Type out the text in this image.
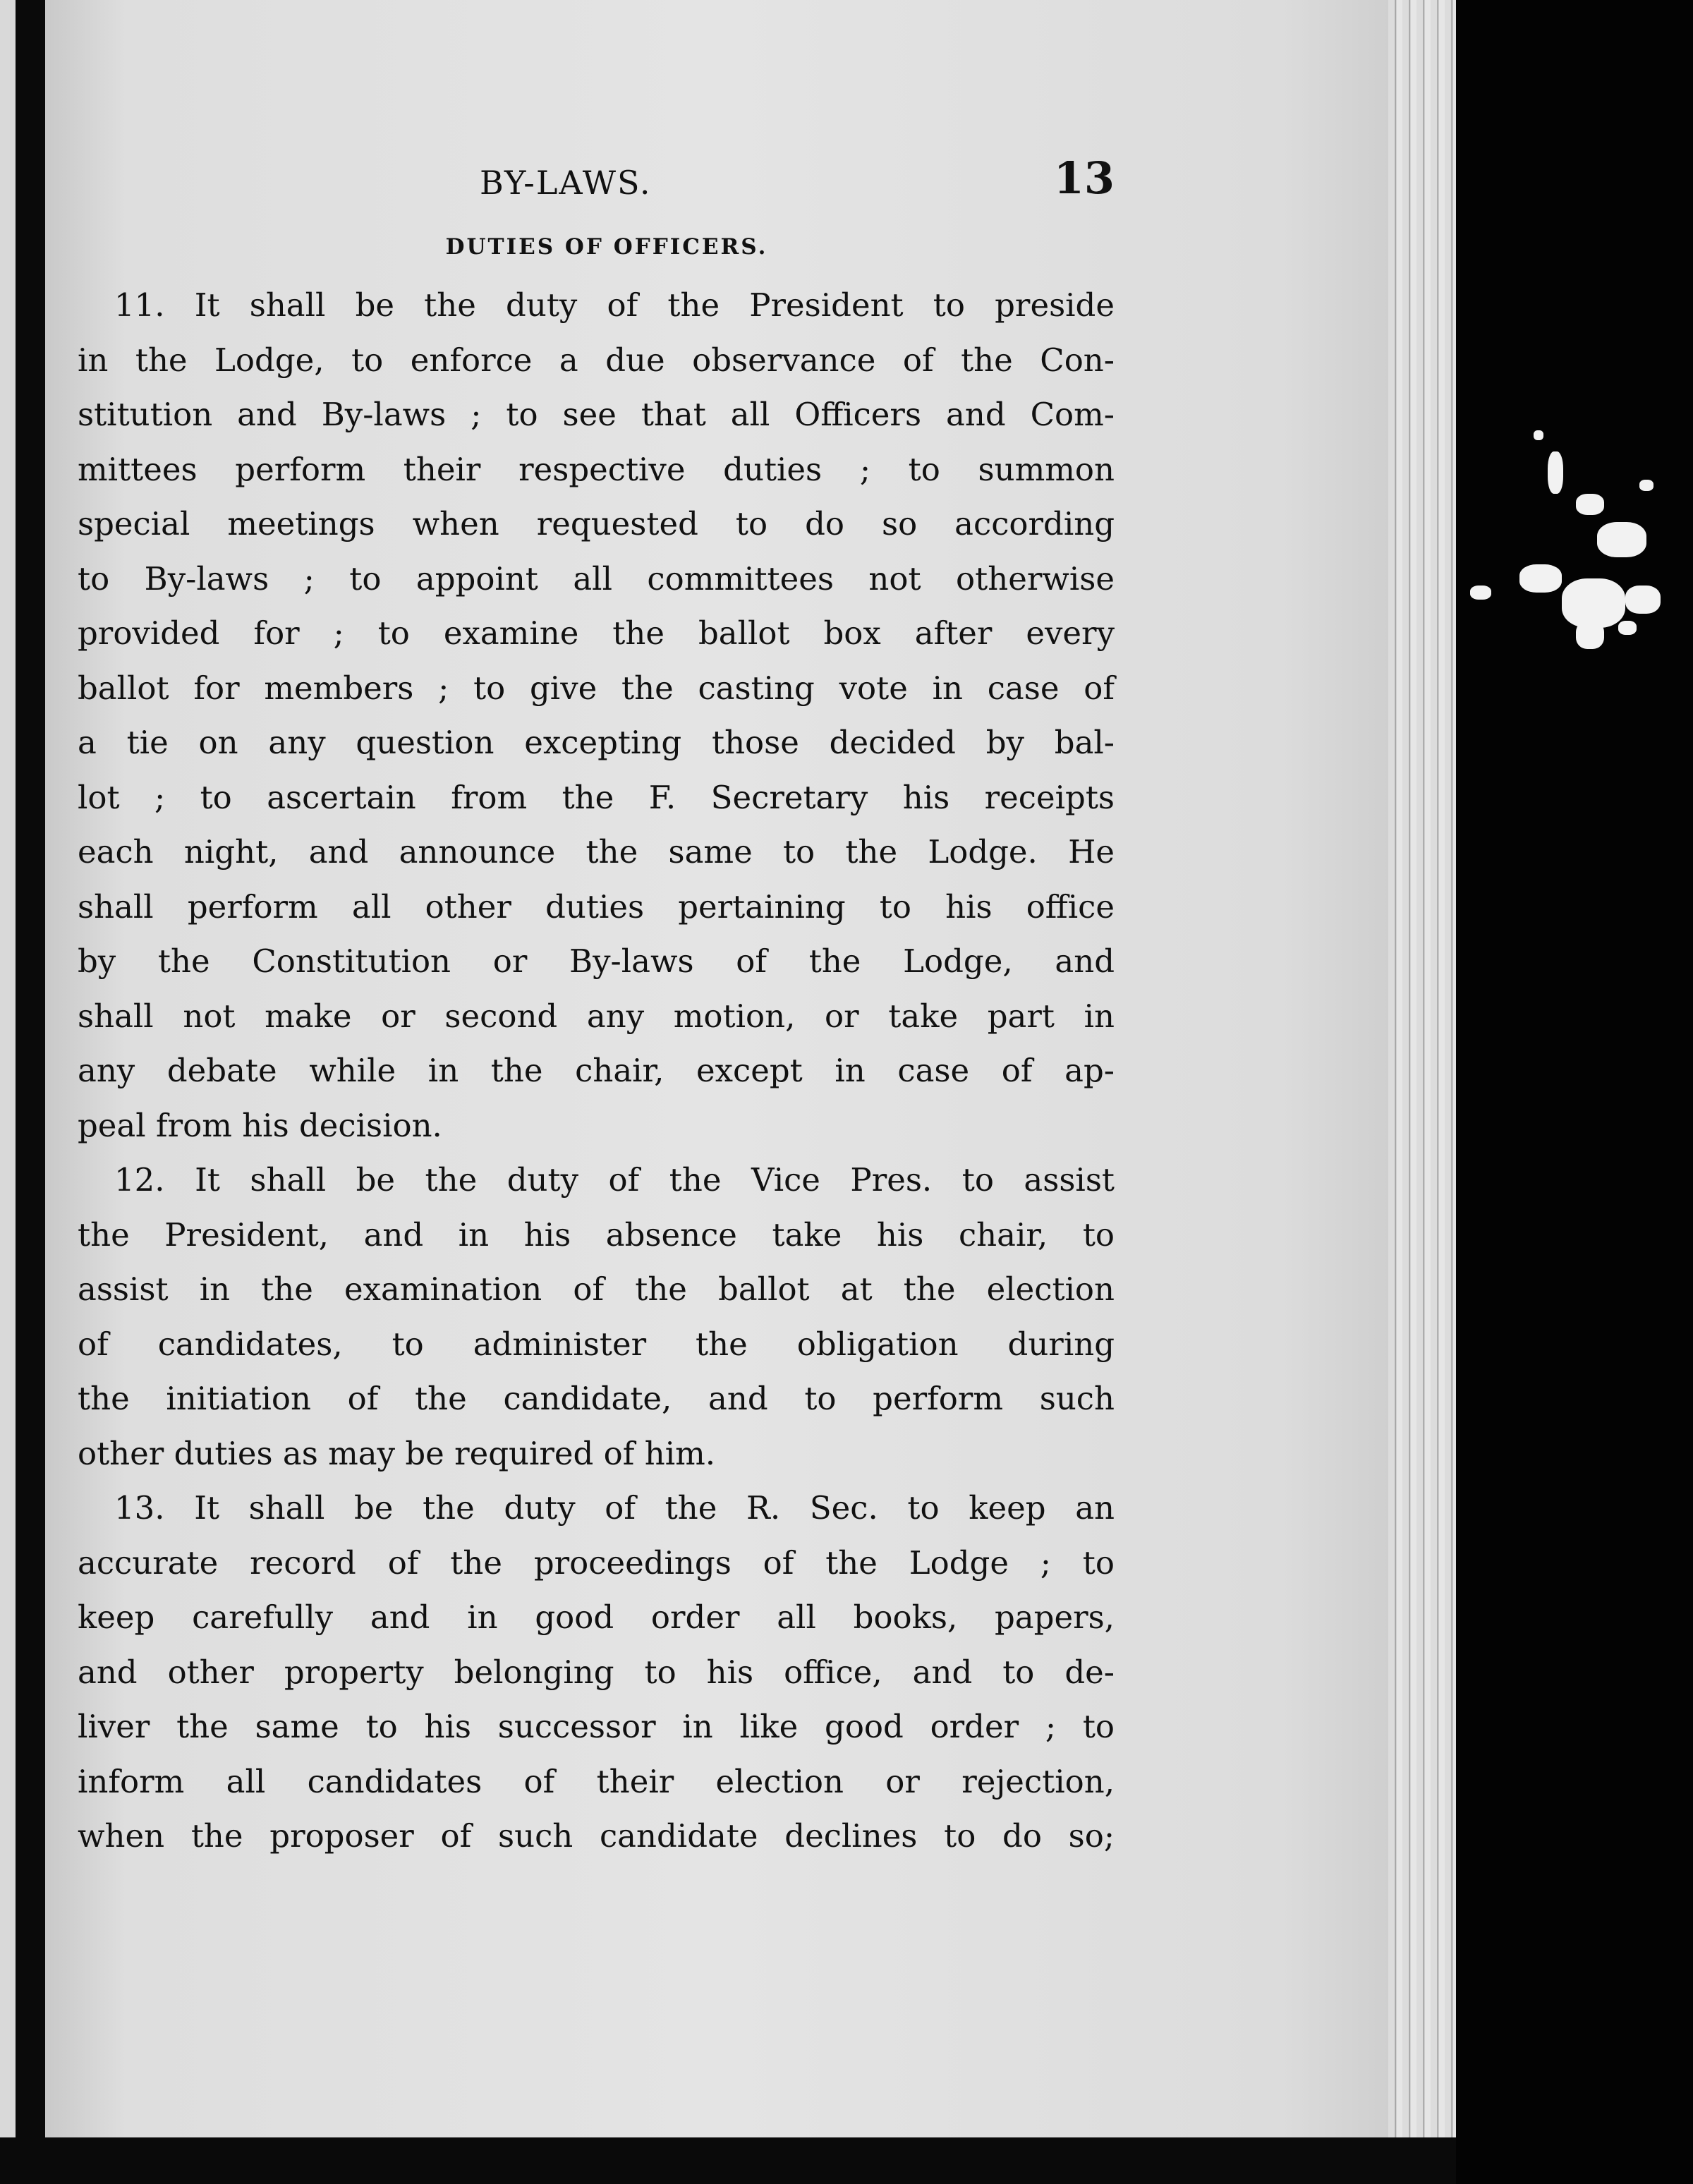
BY-LAWS.	13
DUTIES OF OFFICERS.
11. It shall be the duty of the President to preside
in the Lodge, to enforce a due observance of the Con-
stitution and By-laws ; to see that all Officers and Com-
mittees perform their respective duties ; to summon
special meetings when requested to do so according
to By-laws ; to appoint all committees not otherwise
provided for ; to examine the ballot box after every
ballot for members ; to give the casting vote in case of
a tie on any question excepting those decided by bal-
lot ; to ascertain from the F. Secretary his receipts
each night, and announce the same to the Lodge. He
shall perform all other duties pertaining to his office
by the Constitution or By-laws of the Lodge, and
shall not make or second any motion, or take part in
any debate while in the chair, except in case of ap-
peal from his decision.
12. It shall be the duty of the Vice Pres. to assist
the President, and in his absence take his chair, to
assist in the examination of the ballot at the election
of candidates, to administer the obligation during
the initiation of the candidate, and to perform such
other duties as may be required of him.
13. It shall be the duty of the R. Sec. to keep an
accurate record of the proceedings of the Lodge ; to
keep carefully and in good order all books, papers,
and other property belonging to his office, and to de-
liver the same to his successor in like good order ; to
inform all candidates of their election or rejection,
when the proposer of such candidate declines to do so;
